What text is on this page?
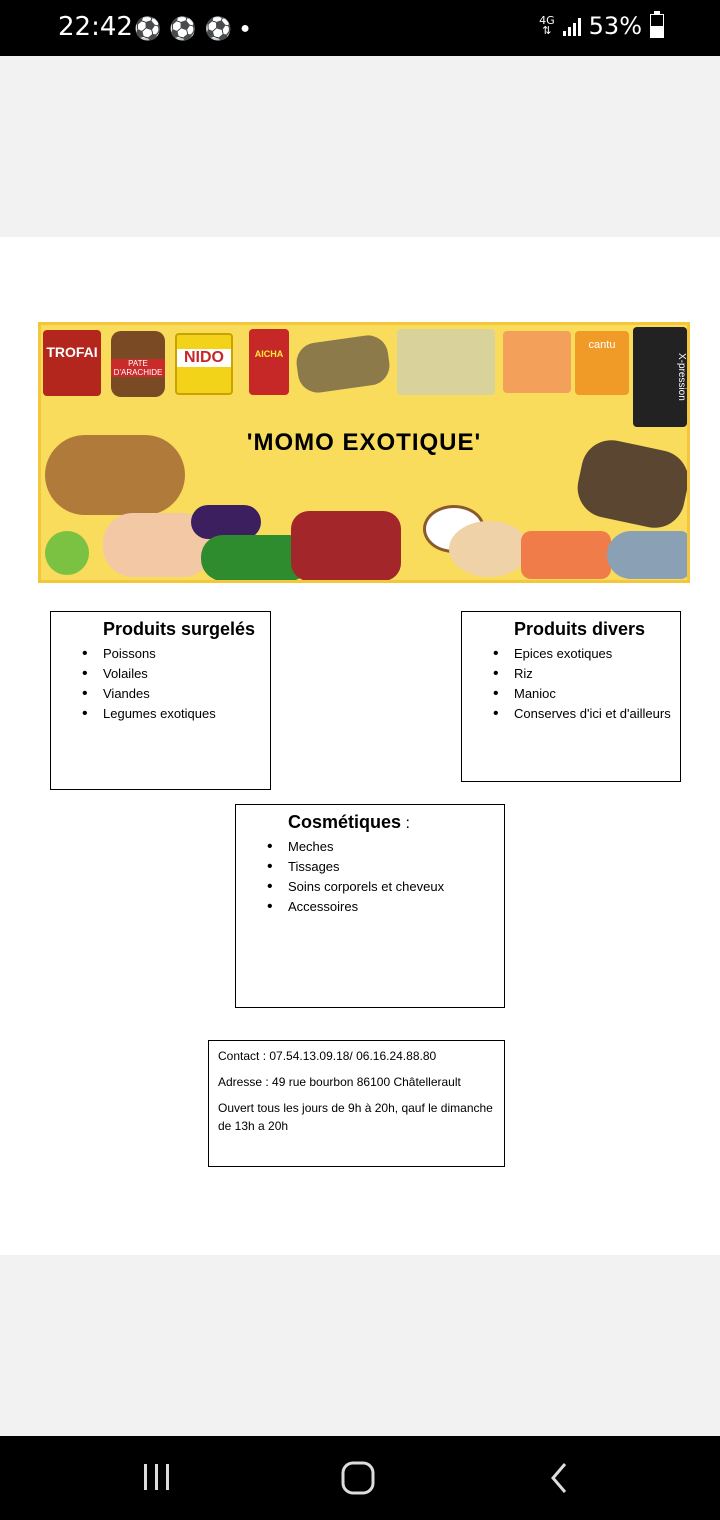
22:42 ⚽ ⚽ ⚽ ●	4G
⇅ 53%
TROFAI
PATE D'ARACHIDE
NIDO	AICHA
cantu
X-pression
'MOMO EXOTIQUE'
Produits surgelés
• Poissons
• Volailes
• Viandes
• Legumes exotiques
Produits divers
• Epices exotiques
• Riz
• Manioc
• Conserves d'ici et d'ailleurs
Cosmétiques :
• Meches
• Tissages
• Soins corporels et cheveux
• Accessoires

Contact : 07.54.13.09.18/ 06.16.24.88.80

Adresse : 49 rue bourbon 86100 Châtellerault

Ouvert tous les jours de 9h à 20h, qauf le dimanche de 13h a 20h
